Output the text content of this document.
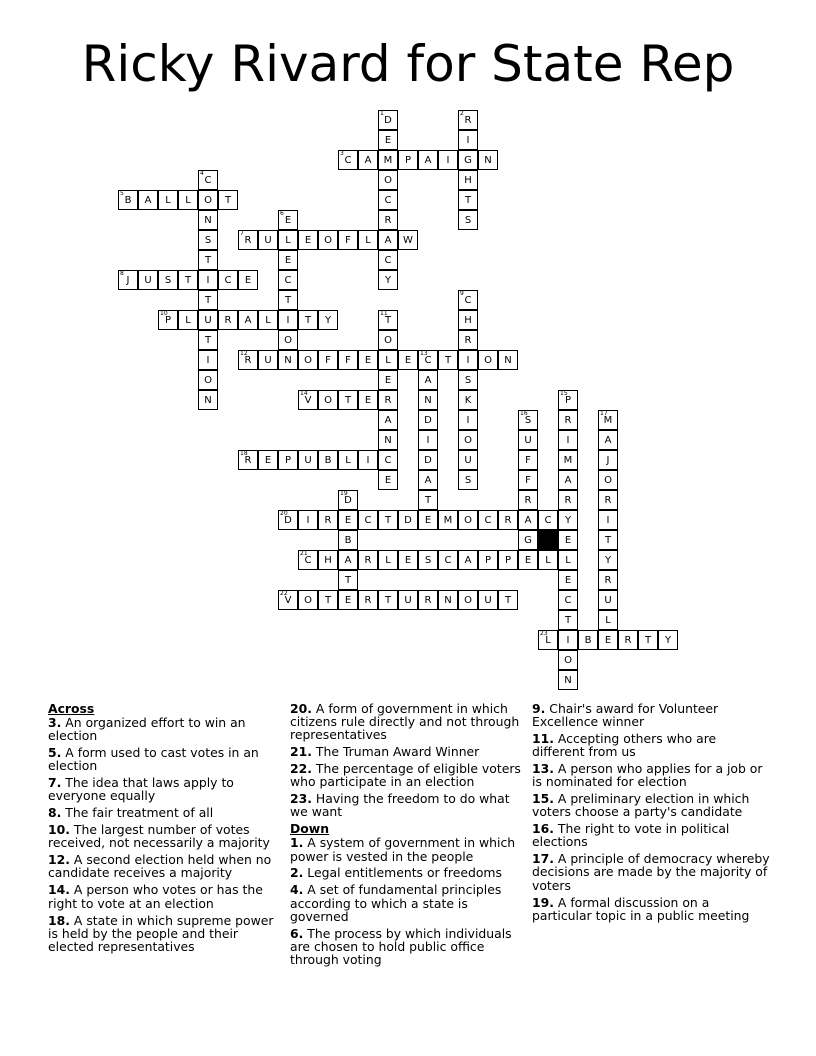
Ricky Rivard for State Rep
1
D
E
M
O
C
R
A
C
Y
2
R
I
G
H
T
S
3
C	A	P	A	I	N
4
C
O
N
S
T
I
T
U
T
I
O
N
5
B	A	L	L	T
6
E
L
E
C
T
I
O
N
7
R	U	E	O	F	L	W
8
J	U	S	T	C	E
9
C
H
R
I
S
K
I
O
U
S
10
P	L	R	A	L	T	Y
11
T
O
L
E
R
A
N
C
E
12
R	U	O	F	F	E	E
13
C	T	O	N
A
N
D
I
D
A
T
E
14
V	O	T	E
15
P
R
I
M
A
R
Y
E
L
E
C
T
I
O
N
16
S
U
F
F
R
A
G
E
17
M
A
J
O
R
I
T
Y
R
U
L
E
18
R	E	P	U	B	L	I
19
D
E
B
A
T
E
20
D	I	R	C	T	D	M	O	C	R	C
21
C	H	R	L	E	S	C	A	P	P	L
22
V	O	T	R	T	U	R	N	O	U	T
23
L	B	R	T	Y
Across
3. An organized effort to win an election
5. A form used to cast votes in an election
7. The idea that laws apply to everyone equally
8. The fair treatment of all
10. The largest number of votes received, not necessarily a majority
12. A second election held when no candidate receives a majority
14. A person who votes or has the right to vote at an election
18. A state in which supreme power is held by the people and their elected representatives
20. A form of government in which citizens rule directly and not through representatives
21. The Truman Award Winner
22. The percentage of eligible voters who participate in an election
23. Having the freedom to do what we want
Down
1. A system of government in which power is vested in the people
2. Legal entitlements or freedoms
4. A set of fundamental principles according to which a state is governed
6. The process by which individuals are chosen to hold public office through voting
9. Chair's award for Volunteer Excellence winner
11. Accepting others who are different from us
13. A person who applies for a job or is nominated for election
15. A preliminary election in which voters choose a party's candidate
16. The right to vote in political elections
17. A principle of democracy whereby decisions are made by the majority of voters
19. A formal discussion on a particular topic in a public meeting
